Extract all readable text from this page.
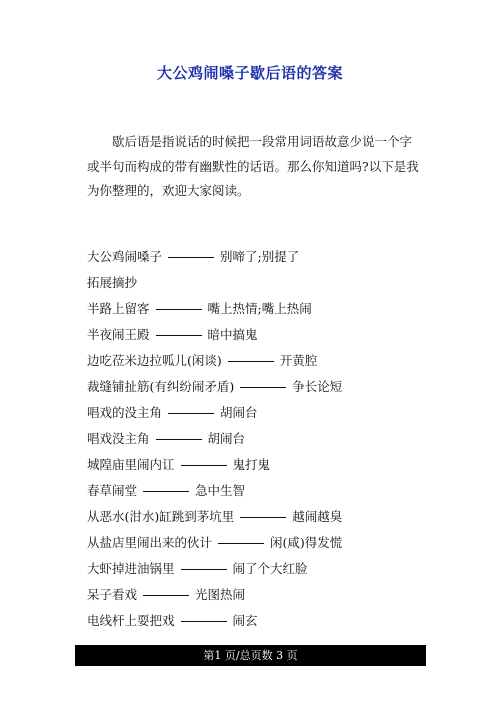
大公鸡闹嗓子歇后语的答案
歇后语是指说话的时候把一段常用词语故意少说一个字或半句而构成的带有幽默性的话语。那么你知道吗?以下是我为你整理的，欢迎大家阅读。
大公鸡闹嗓子	别啼了;别提了
拓展摘抄
半路上留客	嘴上热情;嘴上热闹
半夜闹王殿	暗中搞鬼
边吃莅米边拉呱儿(闲谈)	开黄腔
裁缝铺扯筋(有纠纷闹矛盾)	争长论短
唱戏的没主角	胡闹台
唱戏没主角	胡闹台
城隍庙里闹内讧	鬼打鬼
春草闹堂	急中生智
从恶水(泔水)缸跳到茅坑里	越闹越臭
从盐店里闹出来的伙计	闲(咸)得发慌
大虾掉进油锅里	闹了个大红脸
呆子看戏	光图热闹
电线杆上耍把戏	闹玄
第1 页/总页数 3 页
